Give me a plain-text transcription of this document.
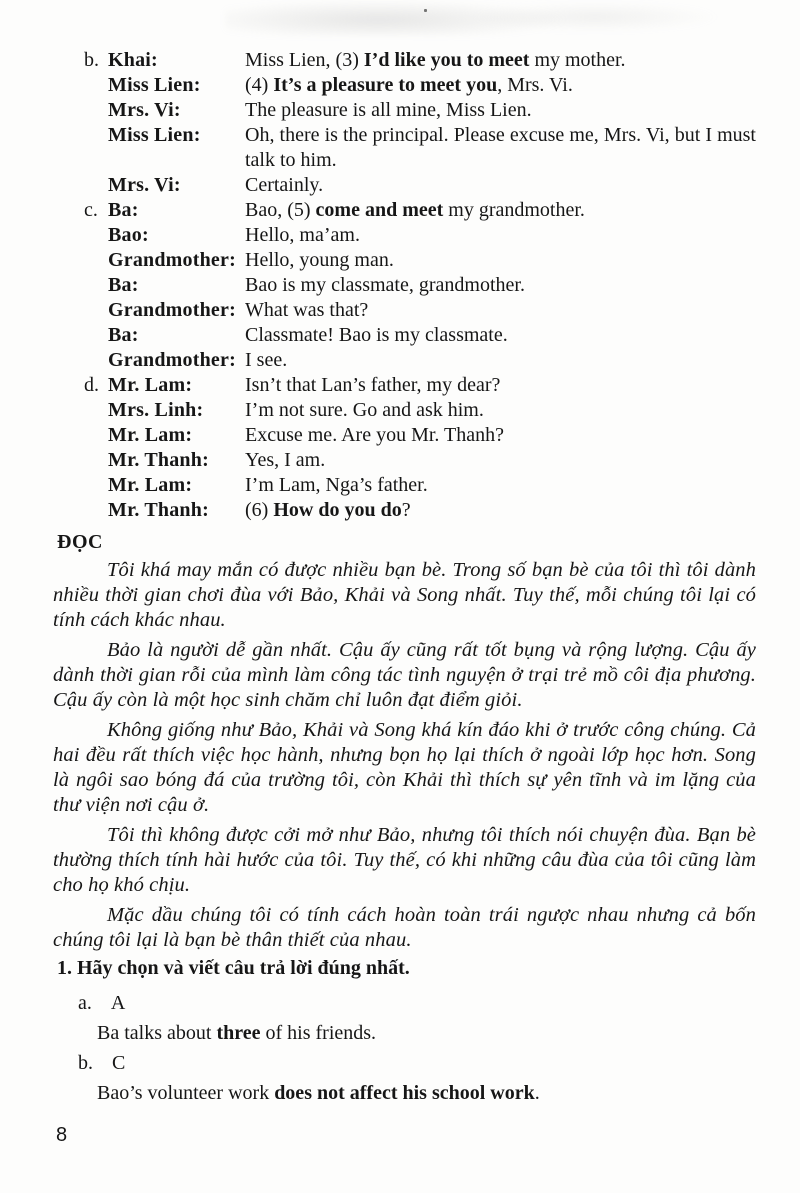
b. Khai:	Miss Lien, (3) I’d like you to meet my mother.
Miss Lien:	(4) It’s a pleasure to meet you, Mrs. Vi.
Mrs. Vi:	The pleasure is all mine, Miss Lien.
Miss Lien:	Oh, there is the principal. Please excuse me, Mrs. Vi, but I must talk to him.
Mrs. Vi:	Certainly.
c. Ba:	Bao, (5) come and meet my grandmother.
Bao:	Hello, ma’am.
Grandmother: Hello, young man.
Ba:	Bao is my classmate, grandmother.
Grandmother: What was that?
Ba:	Classmate! Bao is my classmate.
Grandmother: I see.
d. Mr. Lam:	Isn’t that Lan’s father, my dear?
Mrs. Linh:	I’m not sure. Go and ask him.
Mr. Lam:	Excuse me. Are you Mr. Thanh?
Mr. Thanh:	Yes, I am.
Mr. Lam:	I’m Lam, Nga’s father.
Mr. Thanh:	(6) How do you do?
ĐỌC

Tôi khá may mắn có được nhiều bạn bè. Trong số bạn bè của tôi thì tôi dành nhiều thời gian chơi đùa với Bảo, Khải và Song nhất. Tuy thế, mỗi chúng tôi lại có tính cách khác nhau.

Bảo là người dễ gần nhất. Cậu ấy cũng rất tốt bụng và rộng lượng. Cậu ấy dành thời gian rỗi của mình làm công tác tình nguyện ở trại trẻ mồ côi địa phương. Cậu ấy còn là một học sinh chăm chỉ luôn đạt điểm giỏi.

Không giống như Bảo, Khải và Song khá kín đáo khi ở trước công chúng. Cả hai đều rất thích việc học hành, nhưng bọn họ lại thích ở ngoài lớp học hơn. Song là ngôi sao bóng đá của trường tôi, còn Khải thì thích sự yên tĩnh và im lặng của thư viện nơi cậu ở.

Tôi thì không được cởi mở như Bảo, nhưng tôi thích nói chuyện đùa. Bạn bè thường thích tính hài hước của tôi. Tuy thế, có khi những câu đùa của tôi cũng làm cho họ khó chịu.

Mặc dầu chúng tôi có tính cách hoàn toàn trái ngược nhau nhưng cả bốn chúng tôi lại là bạn bè thân thiết của nhau.

1. Hãy chọn và viết câu trả lời đúng nhất.
a. A
Ba talks about three of his friends.
b. C
Bao’s volunteer work does not affect his school work.
8
